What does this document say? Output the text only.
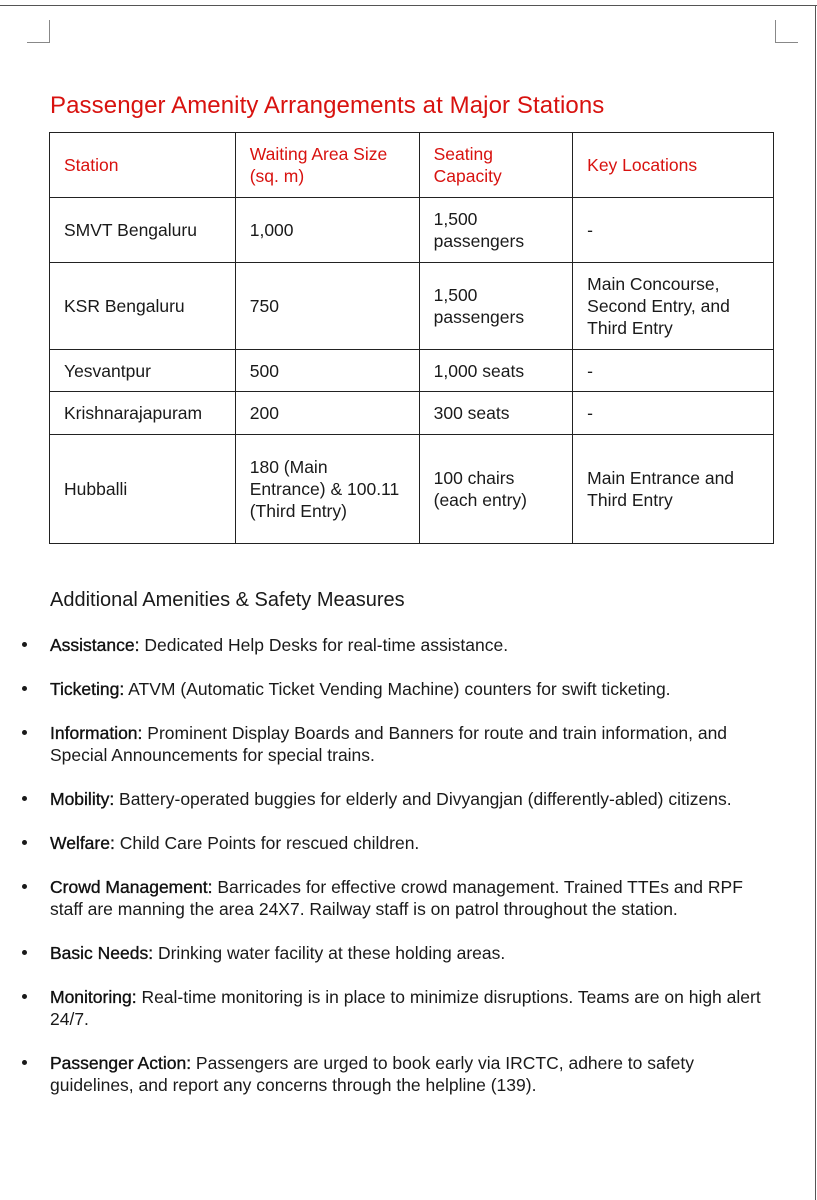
Passenger Amenity Arrangements at Major Stations
Station	Waiting Area Size (sq. m)	Seating Capacity	Key Locations
SMVT Bengaluru	1,000	1,500 passengers	-
KSR Bengaluru	750	1,500 passengers	Main Concourse, Second Entry, and Third Entry
Yesvantpur	500	1,000 seats	-
Krishnarajapuram	200	300 seats	-
Hubballi	180 (Main Entrance) & 100.11 (Third Entry)	100 chairs (each entry)	Main Entrance and Third Entry
Additional Amenities & Safety Measures
Assistance: Dedicated Help Desks for real-time assistance.
Ticketing: ATVM (Automatic Ticket Vending Machine) counters for swift ticketing.
Information: Prominent Display Boards and Banners for route and train information, and Special Announcements for special trains.
Mobility: Battery-operated buggies for elderly and Divyangjan (differently-abled) citizens.
Welfare: Child Care Points for rescued children.
Crowd Management: Barricades for effective crowd management. Trained TTEs and RPF staff are manning the area 24X7. Railway staff is on patrol throughout the station.
Basic Needs: Drinking water facility at these holding areas.
Monitoring: Real-time monitoring is in place to minimize disruptions. Teams are on high alert 24/7.
Passenger Action: Passengers are urged to book early via IRCTC, adhere to safety guidelines, and report any concerns through the helpline (139).
